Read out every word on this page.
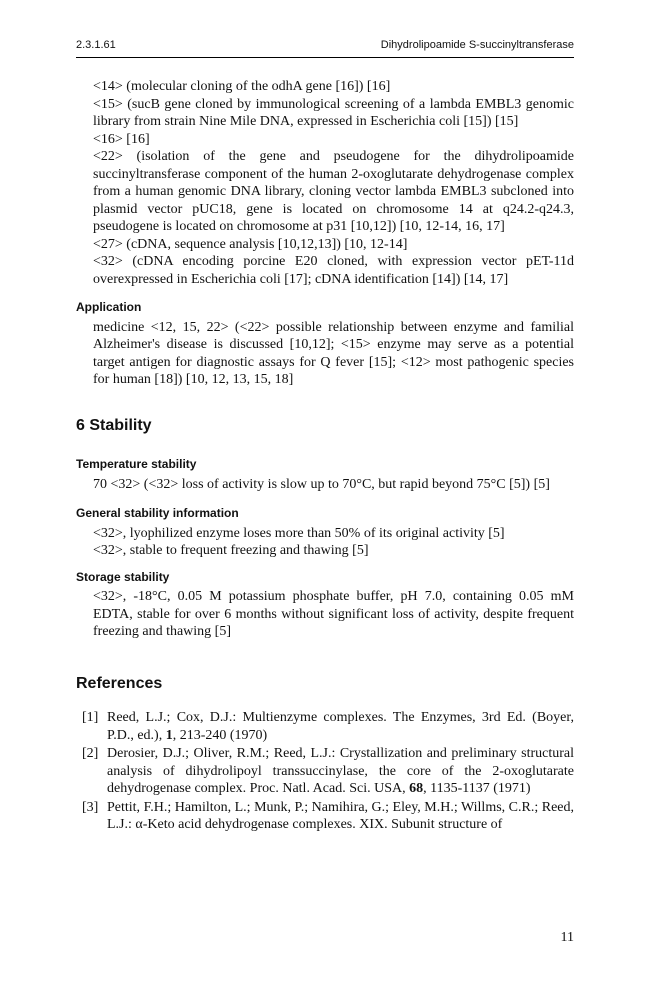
2.3.1.61	Dihydrolipoamide S-succinyltransferase

<14> (molecular cloning of the odhA gene [16]) [16]

<15> (sucB gene cloned by immunological screening of a lambda EMBL3 genomic library from strain Nine Mile DNA, expressed in Escherichia coli [15]) [15]

<16> [16]

<22> (isolation of the gene and pseudogene for the dihydrolipoamide succinyltransferase component of the human 2-oxoglutarate dehydrogenase complex from a human genomic DNA library, cloning vector lambda EMBL3 subcloned into plasmid vector pUC18, gene is located on chromosome 14 at q24.2-q24.3, pseudogene is located on chromosome at p31 [10,12]) [10, 12-14, 16, 17]

<27> (cDNA, sequence analysis [10,12,13]) [10, 12-14]

<32> (cDNA encoding porcine E20 cloned, with expression vector pET-11d overexpressed in Escherichia coli [17]; cDNA identification [14]) [14, 17]

Application

medicine <12, 15, 22> (<22> possible relationship between enzyme and familial Alzheimer's disease is discussed [10,12]; <15> enzyme may serve as a potential target antigen for diagnostic assays for Q fever [15]; <12> most pathogenic species for human [18]) [10, 12, 13, 15, 18]

6 Stability
Temperature stability

70 <32> (<32> loss of activity is slow up to 70°C, but rapid beyond 75°C [5]) [5]

General stability information

<32>, lyophilized enzyme loses more than 50% of its original activity [5]

<32>, stable to frequent freezing and thawing [5]

Storage stability

<32>, -18°C, 0.05 M potassium phosphate buffer, pH 7.0, containing 0.05 mM EDTA, stable for over 6 months without significant loss of activity, despite frequent freezing and thawing [5]

References
[1] Reed, L.J.; Cox, D.J.: Multienzyme complexes. The Enzymes, 3rd Ed. (Boyer, P.D., ed.), 1, 213-240 (1970)
[2] Derosier, D.J.; Oliver, R.M.; Reed, L.J.: Crystallization and preliminary structural analysis of dihydrolipoyl transsuccinylase, the core of the 2-oxoglutarate dehydrogenase complex. Proc. Natl. Acad. Sci. USA, 68, 1135-1137 (1971)
[3] Pettit, F.H.; Hamilton, L.; Munk, P.; Namihira, G.; Eley, M.H.; Willms, C.R.; Reed, L.J.: α-Keto acid dehydrogenase complexes. XIX. Subunit structure of
11
